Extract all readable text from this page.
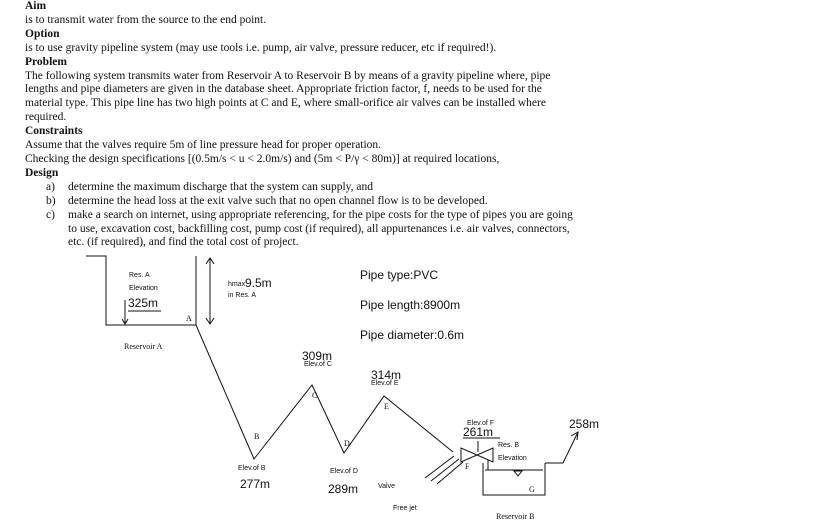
Aim
is to transmit water from the source to the end point.
Option
is to use gravity pipeline system (may use tools i.e. pump, air valve, pressure reducer, etc if required!).
Problem
The following system transmits water from Reservoir A to Reservoir B by means of a gravity pipeline where, pipe
lengths and pipe diameters are given in the database sheet. Appropriate friction factor, f, needs to be used for the
material type. This pipe line has two high points at C and E, where small-orifice air valves can be installed where
required.
Constraints
Assume that the valves require 5m of line pressure head for proper operation.
Checking the design specifications [(0.5m/s < u < 2.0m/s) and (5m < P/γ < 80m)] at required locations,
Design
a) determine the maximum discharge that the system can supply, and
b) determine the head loss at the exit valve such that no open channel flow is to be developed.
c) make a search on internet, using appropriate referencing, for the pipe costs for the type of pipes you are going
to use, excavation cost, backfilling cost, pump cost (if required), all appurtenances i.e. air valves, connectors,
etc. (if required), and find the total cost of project.
Res. A
Elevation
325m
Reservoir A
A
hmax 9.5m
in Res. A
Pipe type:PVC
Pipe length:8900m
Pipe diameter:0.6m
B
Elev.of B
277m
309m
Elev.of C
C
D
Elev.of D
289m
314m
Elev.of E
E
Elev.of F
261m
F
Valve
Free jet
Res. B
Elevation
258m
G
Reservoir B
